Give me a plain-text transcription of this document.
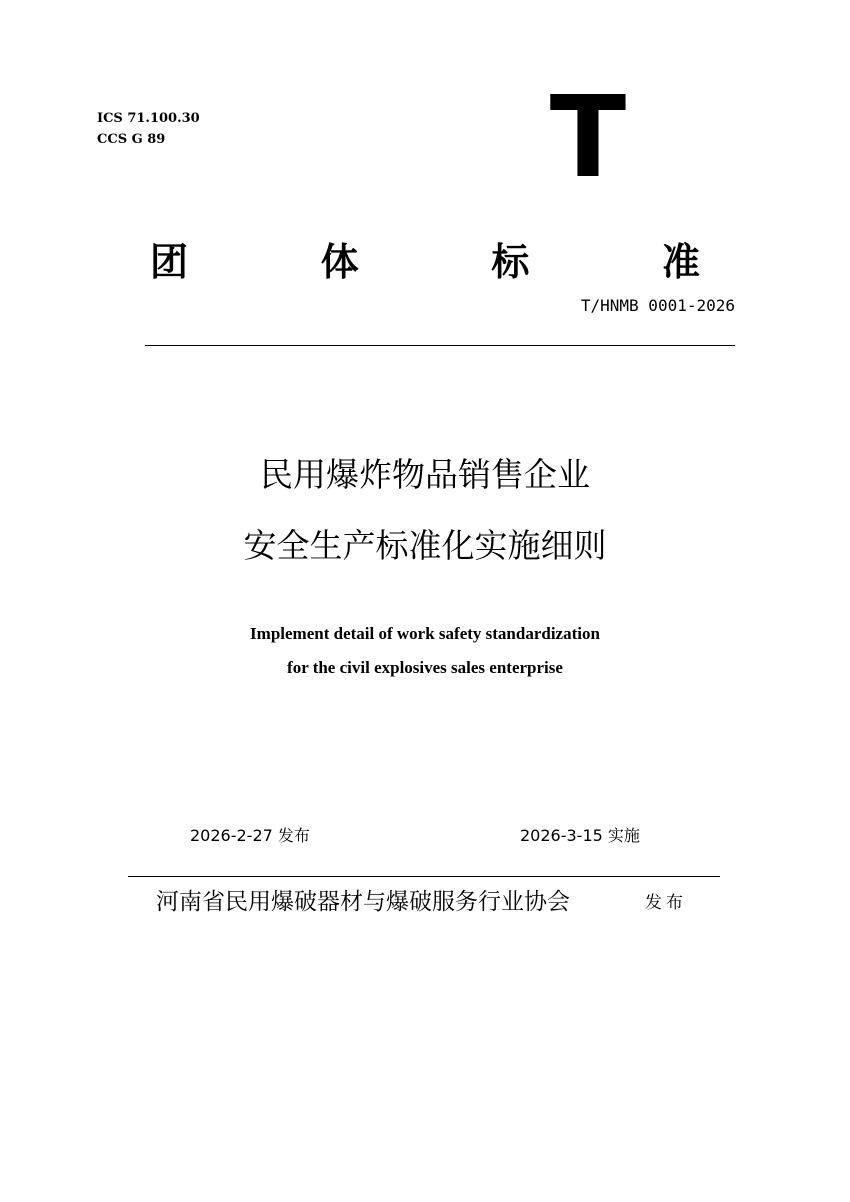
ICS 71.100.30
CCS G 89	T
团	体	标	准
T/HNMB 0001-2026
民用爆炸物品销售企业
安全生产标准化实施细则
Implement detail of work safety standardization
for the civil explosives sales enterprise
2026-2-27 发布	2026-3-15 实施
河南省民用爆破器材与爆破服务行业协会	发布
